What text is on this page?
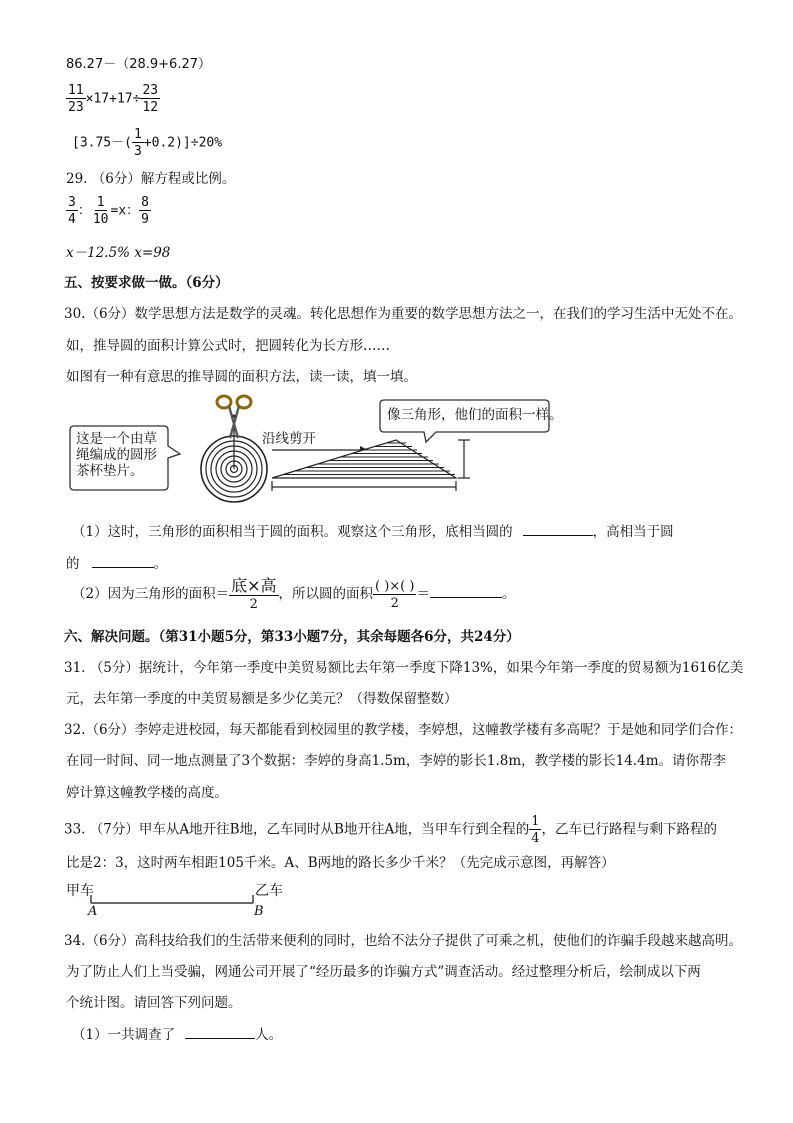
86.27－（28.9+6.27）
$\frac{11}{23} \times 17+17\div \frac{23}{12}$
$[3.75-( \frac{1}{3} +0.2)]\div 20\%$
29. （6分）解方程或比例。
$\frac{3}{4}$ ： $\frac{1}{10} =x$： $\frac{8}{9}$
x－12.5% x=98
五、按要求做一做。（6分）
30.（6分）数学思想方法是数学的灵魂。转化思想作为重要的数学思想方法之一，在我们的学习生活中无处不在。
如，推导圆的面积计算公式时，把圆转化为长方形……
如图有一种有意思的推导圆的面积方法，读一读，填一填。
这是一个由草
绳编成的圆形
茶杯垫片。
沿线剪开
像三角形，他们的面积一样。
（1）这时，三角形的面积相当于圆的面积。观察这个三角形，底相当圆的	，高相当于圆
的	。
（2）因为三角形的面积＝ $\frac{\text{底×高}}{2}$ ，所以圆的面积 $\frac{( )\times( )}{2}$ ＝	。
六、解决问题。（第31小题5分，第33小题7分，其余每题各6分，共24分）
31. （5分）据统计，今年第一季度中美贸易额比去年第一季度下降13%，如果今年第一季度的贸易额为1616亿美
元，去年第一季度的中美贸易额是多少亿美元？（得数保留整数）
32.（6分）李婷走进校园，每天都能看到校园里的教学楼，李婷想，这幢教学楼有多高呢？于是她和同学们合作：
在同一时间、同一地点测量了3个数据：李婷的身高1.5m，李婷的影长1.8m，教学楼的影长14.4m。请你帮李
婷计算这幢教学楼的高度。
33. （7分）甲车从A地开往B地，乙车同时从B地开往A地，当甲车行到全程的 $\frac{1}{4}$ ，乙车已行路程与剩下路程的
比是2：3，这时两车相距105千米。A、B两地的路长多少千米？（先完成示意图，再解答）
甲车	乙车
A	B
34.（6分）高科技给我们的生活带来便利的同时，也给不法分子提供了可乘之机，使他们的诈骗手段越来越高明。
为了防止人们上当受骗，网通公司开展了“经历最多的诈骗方式”调查活动。经过整理分析后，绘制成以下两
个统计图。请回答下列问题。
（1）一共调查了	人。
